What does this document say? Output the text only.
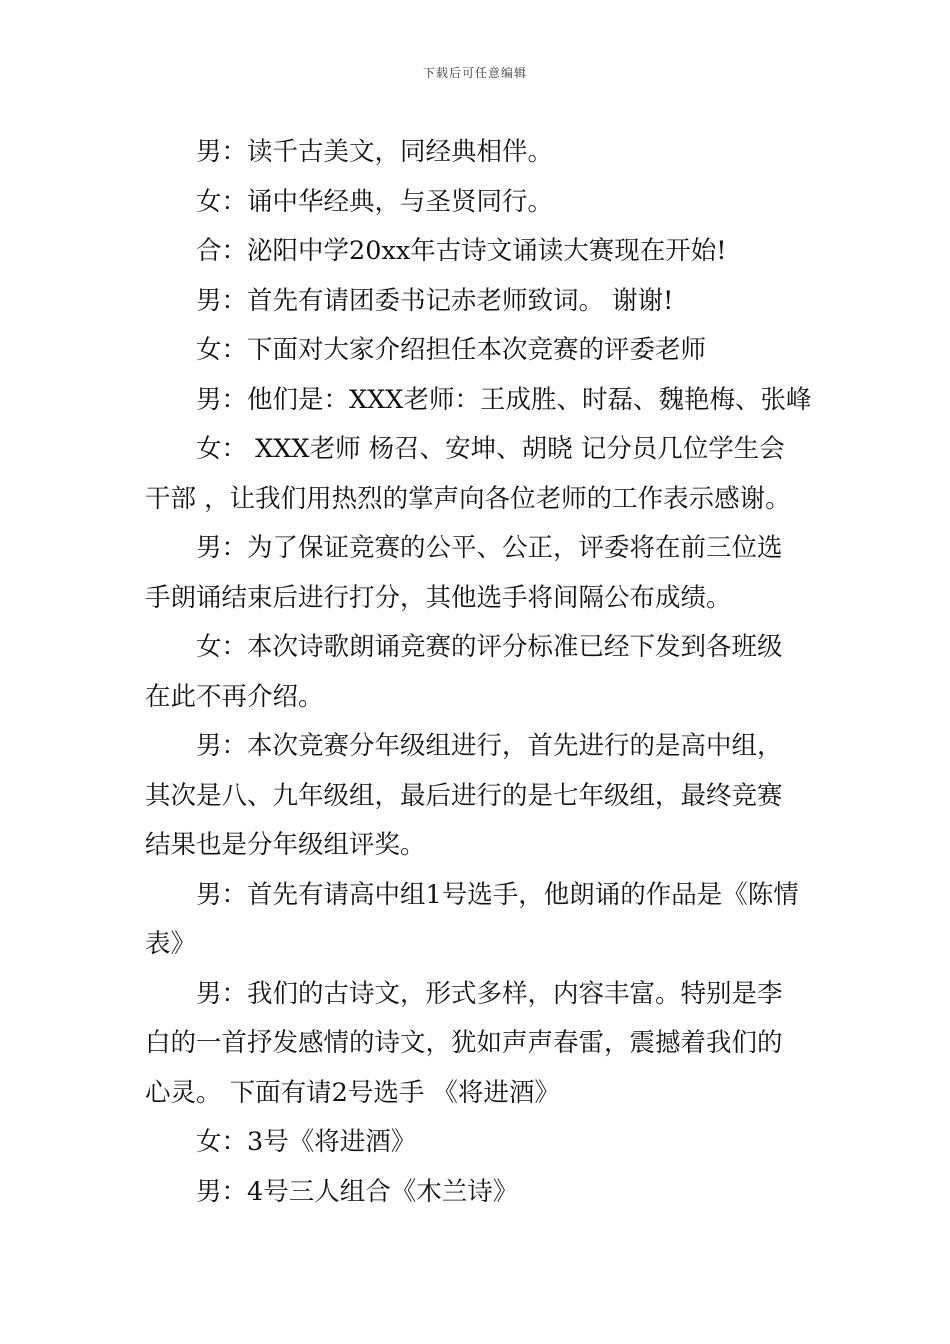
下载后可任意编辑

男：读千古美文，同经典相伴。

女：诵中华经典，与圣贤同行。

合：泌阳中学20xx年古诗文诵读大赛现在开始!

男：首先有请团委书记赤老师致词。 谢谢!

女：下面对大家介绍担任本次竞赛的评委老师

男：他们是：XXX老师：王成胜、时磊、魏艳梅、张峰

女： XXX老师 杨召、安坤、胡晓 记分员几位学生会
干部 ，让我们用热烈的掌声向各位老师的工作表示感谢。

男：为了保证竞赛的公平、公正，评委将在前三位选
手朗诵结束后进行打分，其他选手将间隔公布成绩。

女：本次诗歌朗诵竞赛的评分标准已经下发到各班级
在此不再介绍。

男：本次竞赛分年级组进行，首先进行的是高中组，
其次是八、九年级组，最后进行的是七年级组，最终竞赛
结果也是分年级组评奖。

男：首先有请高中组1号选手，他朗诵的作品是《陈情
表》

男：我们的古诗文，形式多样，内容丰富。特别是李
白的一首抒发感情的诗文，犹如声声春雷，震撼着我们的
心灵。 下面有请2号选手 《将进酒》

女：3号《将进酒》

男：4号三人组合《木兰诗》
